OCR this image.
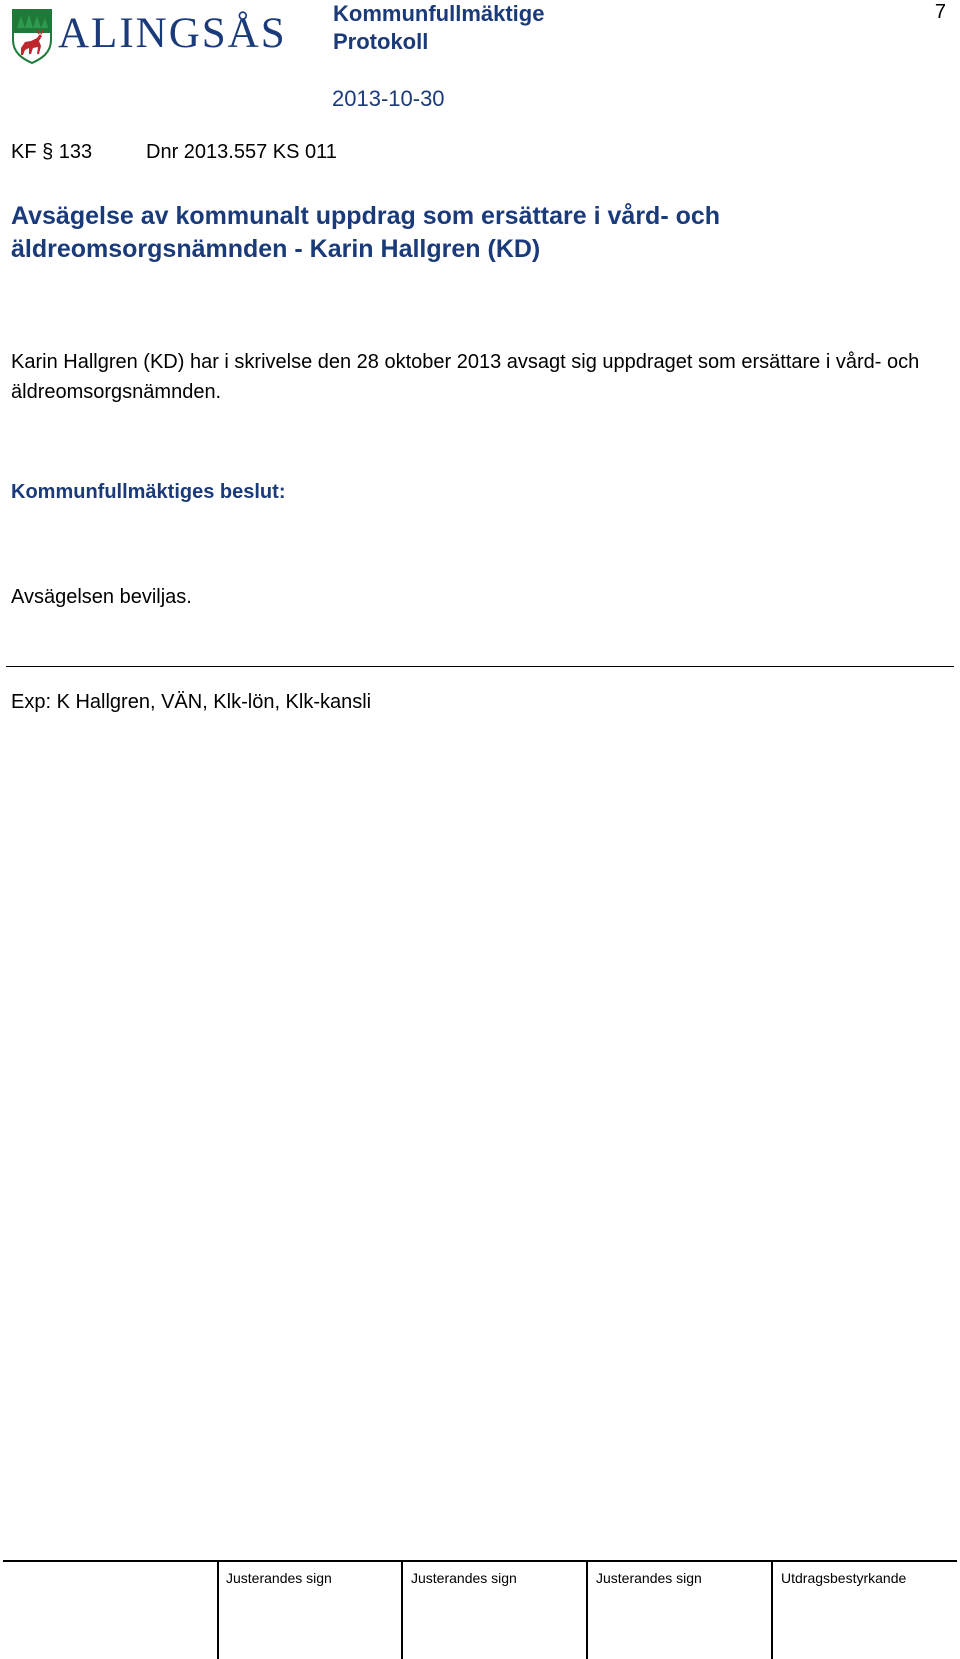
ALINGSÅS Kommunfullmäktige
Protokoll
2013-10-30
7
KF § 133	Dnr 2013.557 KS 011
Avsägelse av kommunalt uppdrag som ersättare i vård- och äldreomsorgsnämnden - Karin Hallgren (KD)
Karin Hallgren (KD) har i skrivelse den 28 oktober 2013 avsagt sig uppdraget som ersättare i vård- och äldreomsorgsnämnden.
Kommunfullmäktiges beslut:
Avsägelsen beviljas.
Exp: K Hallgren, VÄN, Klk-lön, Klk-kansli
Justerandes sign	Justerandes sign	Justerandes sign	Utdragsbestyrkande
